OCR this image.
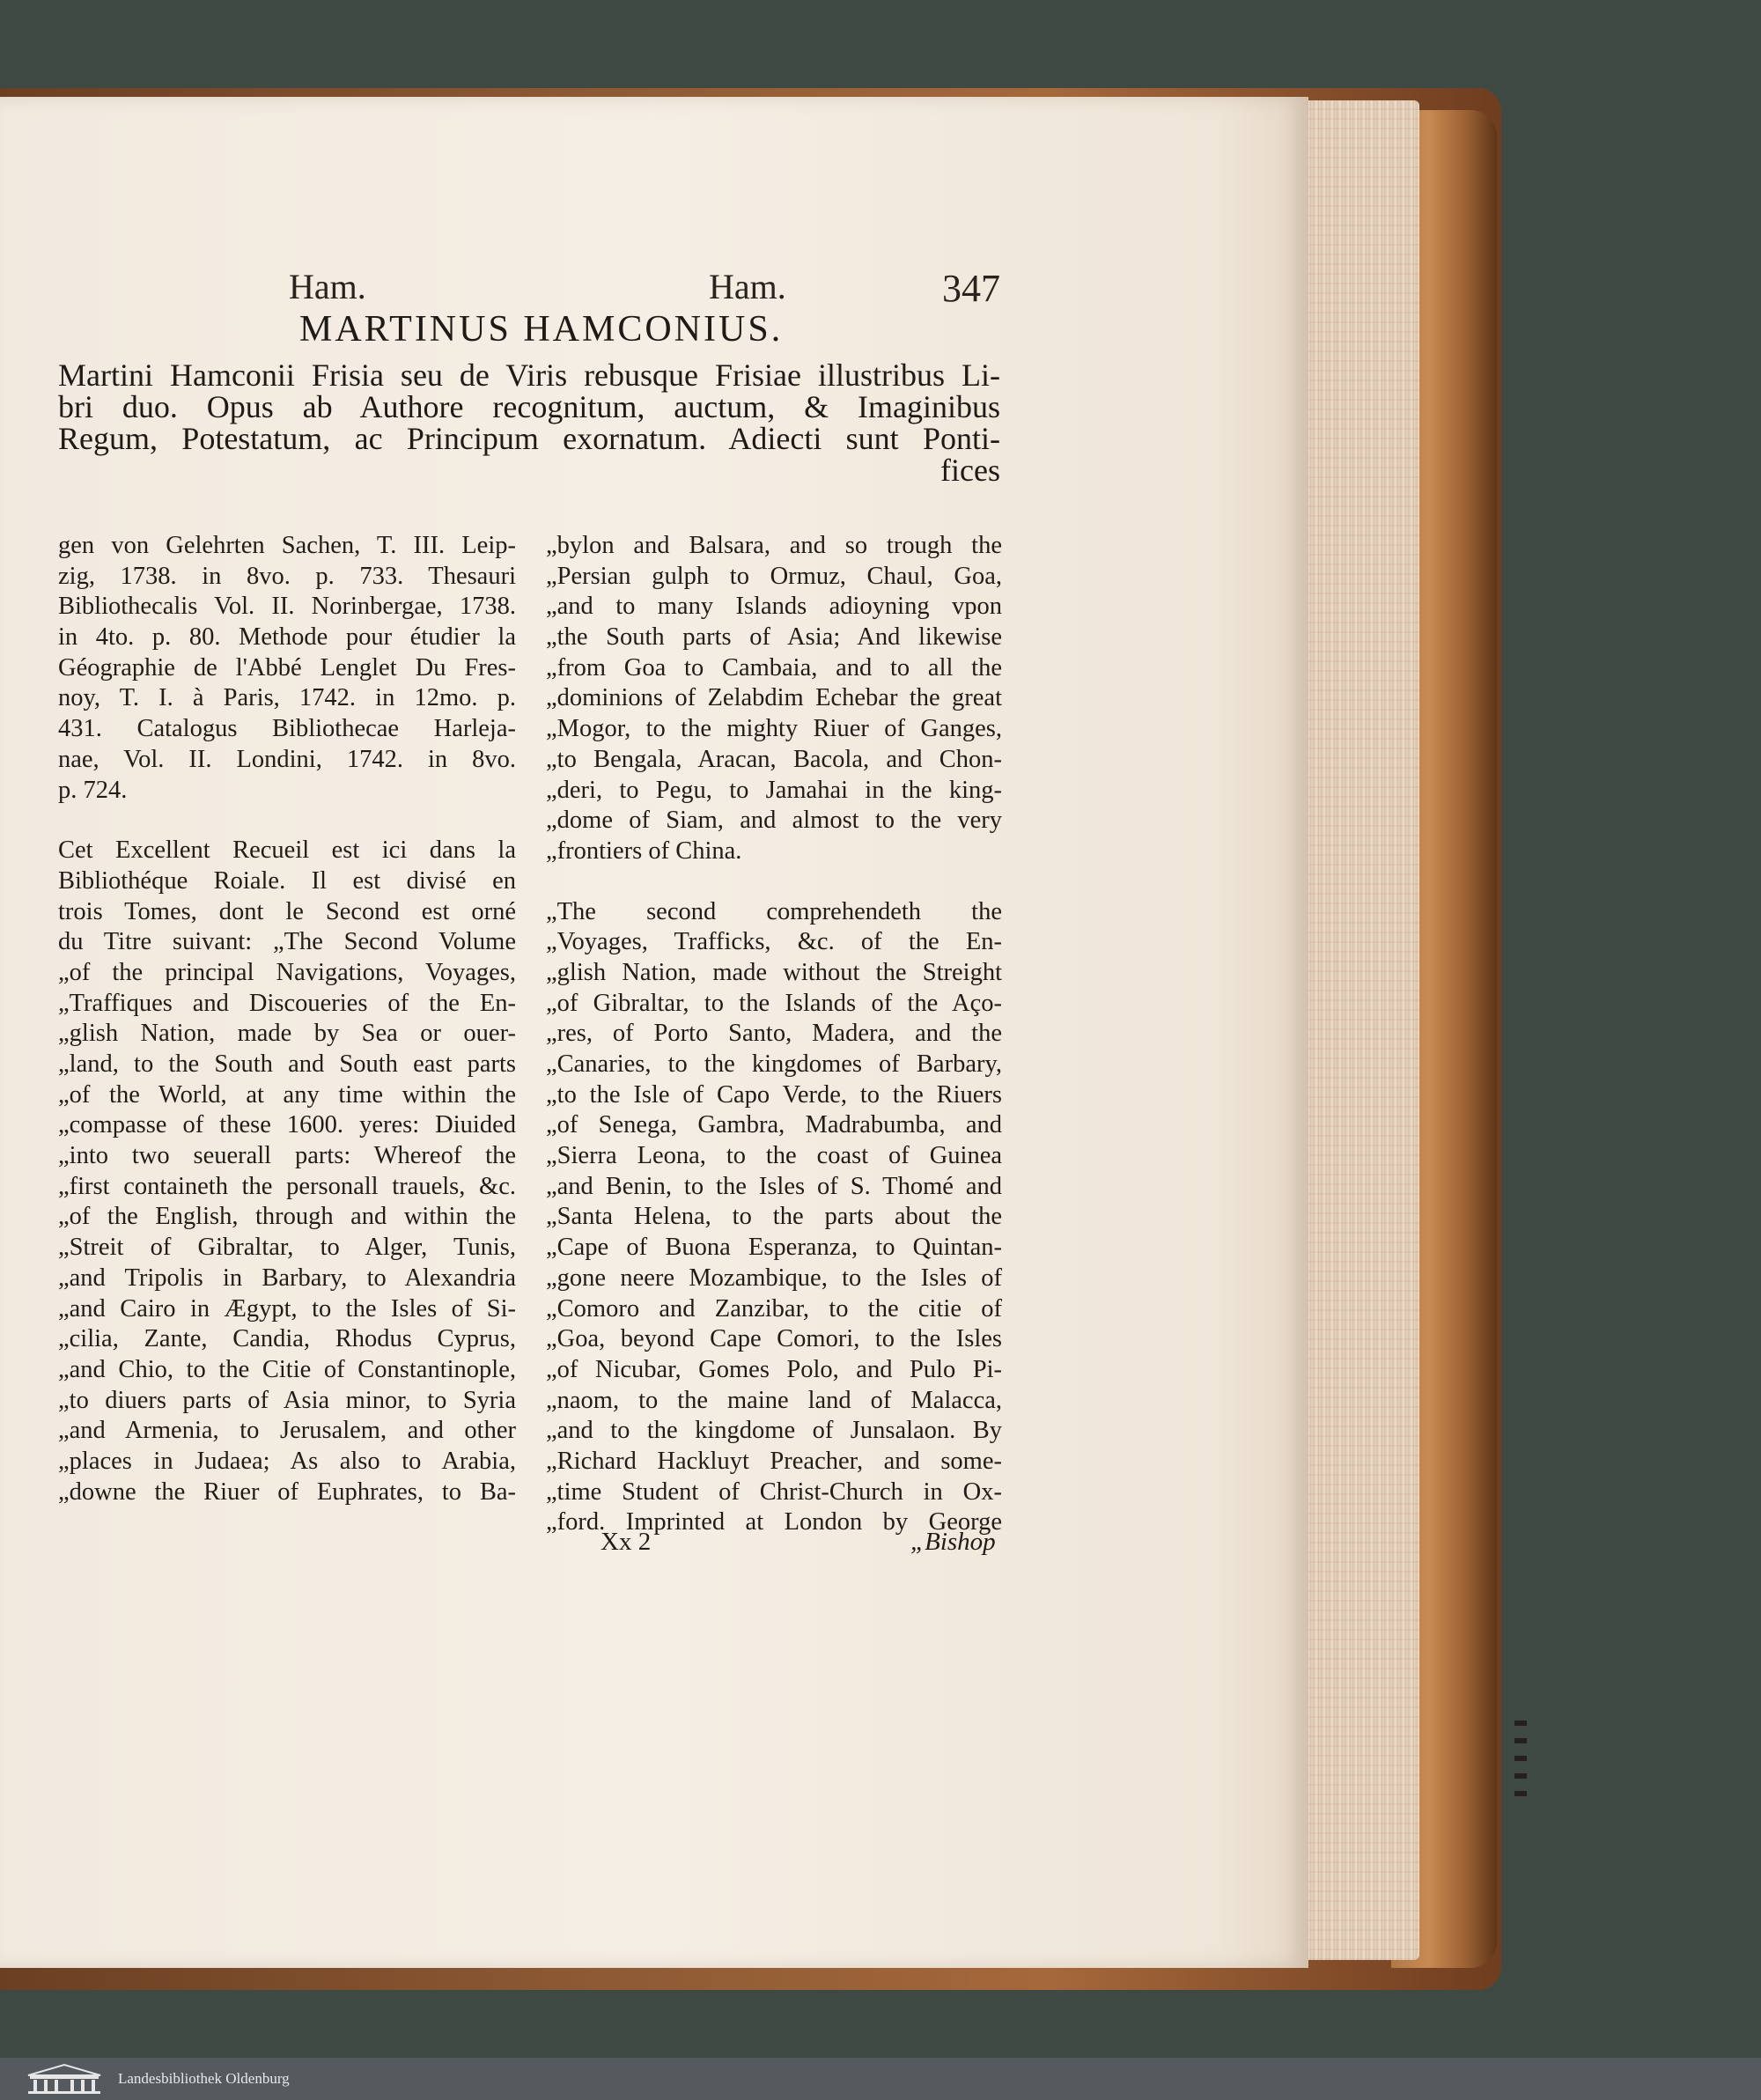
Ham.	Ham.	347
MARTINUS HAMCONIUS.
Martini Hamconii Frisia seu de Viris rebusque Frisiae illustribus Li-
bri duo. Opus ab Authore recognitum, auctum, & Imaginibus
Regum, Potestatum, ac Principum exornatum. Adiecti sunt Ponti-
fices
gen von Gelehrten Sachen, T. III. Leip-
zig, 1738. in 8vo. p. 733. Thesauri
Bibliothecalis Vol. II. Norinbergae, 1738.
in 4to. p. 80. Methode pour étudier la
Géographie de l'Abbé Lenglet Du Fres-
noy, T. I. à Paris, 1742. in 12mo. p.
431. Catalogus Bibliothecae Harleja-
nae, Vol. II. Londini, 1742. in 8vo.
p. 724.
Cet Excellent Recueil est ici dans la
Bibliothéque Roiale. Il est divisé en
trois Tomes, dont le Second est orné
du Titre suivant: „The Second Volume
„of the principal Navigations, Voyages,
„Traffiques and Discoueries of the En-
„glish Nation, made by Sea or ouer-
„land, to the South and South east parts
„of the World, at any time within the
„compasse of these 1600. yeres: Diuided
„into two seuerall parts: Whereof the
„first containeth the personall trauels, &c.
„of the English, through and within the
„Streit of Gibraltar, to Alger, Tunis,
„and Tripolis in Barbary, to Alexandria
„and Cairo in Ægypt, to the Isles of Si-
„cilia, Zante, Candia, Rhodus Cyprus,
„and Chio, to the Citie of Constantinople,
„to diuers parts of Asia minor, to Syria
„and Armenia, to Jerusalem, and other
„places in Judaea; As also to Arabia,
„downe the Riuer of Euphrates, to Ba-
„bylon and Balsara, and so trough the
„Persian gulph to Ormuz, Chaul, Goa,
„and to many Islands adioyning vpon
„the South parts of Asia; And likewise
„from Goa to Cambaia, and to all the
„dominions of Zelabdim Echebar the great
„Mogor, to the mighty Riuer of Ganges,
„to Bengala, Aracan, Bacola, and Chon-
„deri, to Pegu, to Jamahai in the king-
„dome of Siam, and almost to the very
„frontiers of China.
„The second comprehendeth the
„Voyages, Trafficks, &c. of the En-
„glish Nation, made without the Streight
„of Gibraltar, to the Islands of the Aço-
„res, of Porto Santo, Madera, and the
„Canaries, to the kingdomes of Barbary,
„to the Isle of Capo Verde, to the Riuers
„of Senega, Gambra, Madrabumba, and
„Sierra Leona, to the coast of Guinea
„and Benin, to the Isles of S. Thomé and
„Santa Helena, to the parts about the
„Cape of Buona Esperanza, to Quintan-
„gone neere Mozambique, to the Isles of
„Comoro and Zanzibar, to the citie of
„Goa, beyond Cape Comori, to the Isles
„of Nicubar, Gomes Polo, and Pulo Pi-
„naom, to the maine land of Malacca,
„and to the kingdome of Junsalaon. By
„Richard Hackluyt Preacher, and some-
„time Student of Christ-Church in Ox-
„ford. Imprinted at London by George
Xx 2	„Bishop
Landesbibliothek Oldenburg
